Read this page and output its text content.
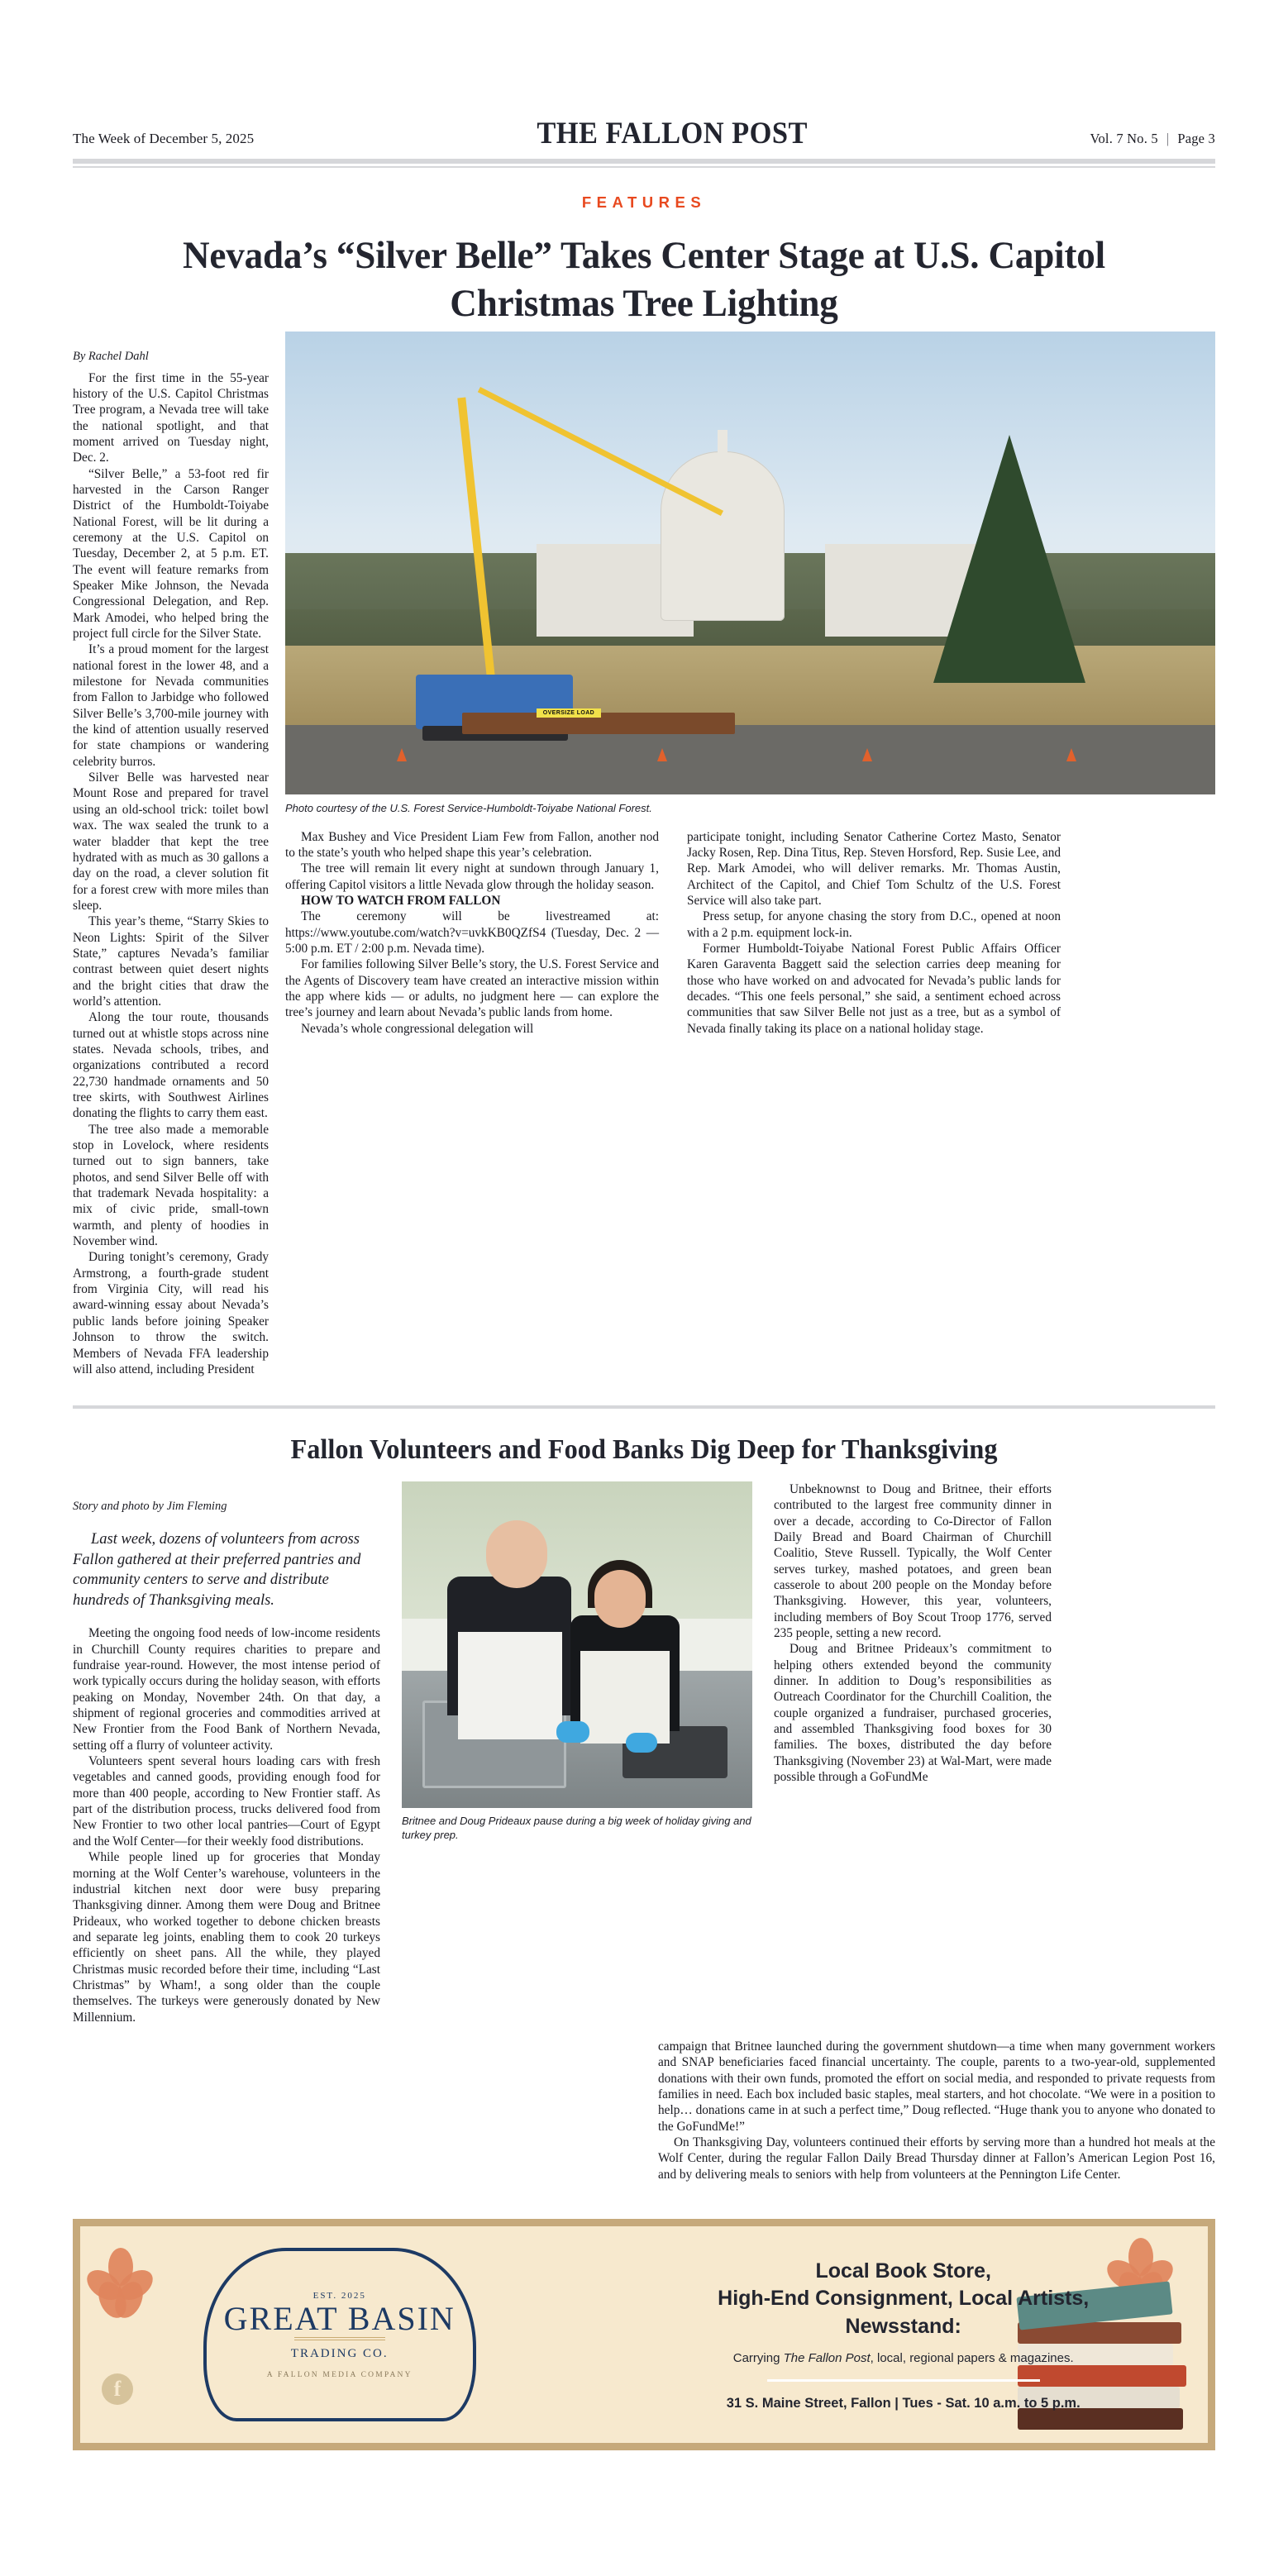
The Week of December 5, 2025	THE FALLON POST	Vol. 7 No. 5 | Page 3
FEATURES
Nevada’s “Silver Belle” Takes Center Stage at U.S. Capitol Christmas Tree Lighting
By Rachel Dahl

For the first time in the 55-year history of the U.S. Capitol Christmas Tree program, a Nevada tree will take the national spotlight, and that moment arrived on Tuesday night, Dec. 2.

“Silver Belle,” a 53-foot red fir harvested in the Carson Ranger District of the Humboldt-Toiyabe National Forest, will be lit during a ceremony at the U.S. Capitol on Tuesday, December 2, at 5 p.m. ET. The event will feature remarks from Speaker Mike Johnson, the Nevada Congressional Delegation, and Rep. Mark Amodei, who helped bring the project full circle for the Silver State.

It’s a proud moment for the largest national forest in the lower 48, and a milestone for Nevada communities from Fallon to Jarbidge who followed Silver Belle’s 3,700-mile journey with the kind of attention usually reserved for state champions or wandering celebrity burros.

Silver Belle was harvested near Mount Rose and prepared for travel using an old-school trick: toilet bowl wax. The wax sealed the trunk to a water bladder that kept the tree hydrated with as much as 30 gallons a day on the road, a clever solution fit for a forest crew with more miles than sleep.

This year’s theme, “Starry Skies to Neon Lights: Spirit of the Silver State,” captures Nevada’s familiar contrast between quiet desert nights and the bright cities that draw the world’s attention.

Along the tour route, thousands turned out at whistle stops across nine states. Nevada schools, tribes, and organizations contributed a record 22,730 handmade ornaments and 50 tree skirts, with Southwest Airlines donating the flights to carry them east.

The tree also made a memorable stop in Lovelock, where residents turned out to sign banners, take photos, and send Silver Belle off with that trademark Nevada hospitality: a mix of civic pride, small-town warmth, and plenty of hoodies in November wind.

During tonight’s ceremony, Grady Armstrong, a fourth-grade student from Virginia City, will read his award-winning essay about Nevada’s public lands before joining Speaker Johnson to throw the switch. Members of Nevada FFA leadership will also attend, including President

OVERSIZE LOAD
Photo courtesy of the U.S. Forest Service-Humboldt-Toiyabe National Forest.

Max Bushey and Vice President Liam Few from Fallon, another nod to the state’s youth who helped shape this year’s celebration.

The tree will remain lit every night at sundown through January 1, offering Capitol visitors a little Nevada glow through the holiday season.

HOW TO WATCH FROM FALLON

The ceremony will be livestreamed at: https://www.youtube.com/watch?v=uvkKB0QZfS4 (Tuesday, Dec. 2 — 5:00 p.m. ET / 2:00 p.m. Nevada time).

For families following Silver Belle’s story, the U.S. Forest Service and the Agents of Discovery team have created an interactive mission within the app where kids — or adults, no judgment here — can explore the tree’s journey and learn about Nevada’s public lands from home.

Nevada’s whole congressional delegation will

participate tonight, including Senator Catherine Cortez Masto, Senator Jacky Rosen, Rep. Dina Titus, Rep. Steven Horsford, Rep. Susie Lee, and Rep. Mark Amodei, who will deliver remarks. Mr. Thomas Austin, Architect of the Capitol, and Chief Tom Schultz of the U.S. Forest Service will also take part.

Press setup, for anyone chasing the story from D.C., opened at noon with a 2 p.m. equipment lock-in.

Former Humboldt-Toiyabe National Forest Public Affairs Officer Karen Garaventa Baggett said the selection carries deep meaning for those who have worked on and advocated for Nevada’s public lands for decades. “This one feels personal,” she said, a sentiment echoed across communities that saw Silver Belle not just as a tree, but as a symbol of Nevada finally taking its place on a national holiday stage.

Fallon Volunteers and Food Banks Dig Deep for Thanksgiving
Story and photo by Jim Fleming
Last week, dozens of volunteers from across Fallon gathered at their preferred pantries and community centers to serve and distribute hundreds of Thanksgiving meals.

Meeting the ongoing food needs of low-income residents in Churchill County requires charities to prepare and fundraise year-round. However, the most intense period of work typically occurs during the holiday season, with efforts peaking on Monday, November 24th. On that day, a shipment of regional groceries and commodities arrived at New Frontier from the Food Bank of Northern Nevada, setting off a flurry of volunteer activity.

Volunteers spent several hours loading cars with fresh vegetables and canned goods, providing enough food for more than 400 people, according to New Frontier staff. As part of the distribution process, trucks delivered food from New Frontier to two other local pantries—Court of Egypt and the Wolf Center—for their weekly food distributions.

While people lined up for groceries that Monday morning at the Wolf Center’s warehouse, volunteers in the industrial kitchen next door were busy preparing Thanksgiving dinner. Among them were Doug and Britnee Prideaux, who worked together to debone chicken breasts and separate leg joints, enabling them to cook 20 turkeys efficiently on sheet pans. All the while, they played Christmas music recorded before their time, including “Last Christmas” by Wham!, a song older than the couple themselves. The turkeys were generously donated by New Millennium.

Britnee and Doug Prideaux pause during a big week of holiday giving and turkey prep.

Unbeknownst to Doug and Britnee, their efforts contributed to the largest free community dinner in over a decade, according to Co-Director of Fallon Daily Bread and Board Chairman of Churchill Coalitio, Steve Russell. Typically, the Wolf Center serves turkey, mashed potatoes, and green bean casserole to about 200 people on the Monday before Thanksgiving. However, this year, volunteers, including members of Boy Scout Troop 1776, served 235 people, setting a new record.

Doug and Britnee Prideaux’s commitment to helping others extended beyond the community dinner. In addition to Doug’s responsibilities as Outreach Coordinator for the Churchill Coalition, the couple organized a fundraiser, purchased groceries, and assembled Thanksgiving food boxes for 30 families. The boxes, distributed the day before Thanksgiving (November 23) at Wal-Mart, were made possible through a GoFundMe

campaign that Britnee launched during the government shutdown—a time when many government workers and SNAP beneficiaries faced financial uncertainty. The couple, parents to a two-year-old, supplemented donations with their own funds, promoted the effort on social media, and responded to private requests from families in need. Each box included basic staples, meal starters, and hot chocolate. “We were in a position to help… donations came in at such a perfect time,” Doug reflected. “Huge thank you to anyone who donated to the GoFundMe!”

On Thanksgiving Day, volunteers continued their efforts by serving more than a hundred hot meals at the Wolf Center, during the regular Fallon Daily Bread Thursday dinner at Fallon’s American Legion Post 16, and by delivering meals to seniors with help from volunteers at the Pennington Life Center.

f
EST. 2025
GREAT BASIN
TRADING CO.
A FALLON MEDIA COMPANY
Local Book Store,
High-End Consignment, Local Artists,
Newsstand:
Carrying The Fallon Post, local, regional papers & magazines.
31 S. Maine Street, Fallon | Tues - Sat. 10 a.m. to 5 p.m.
